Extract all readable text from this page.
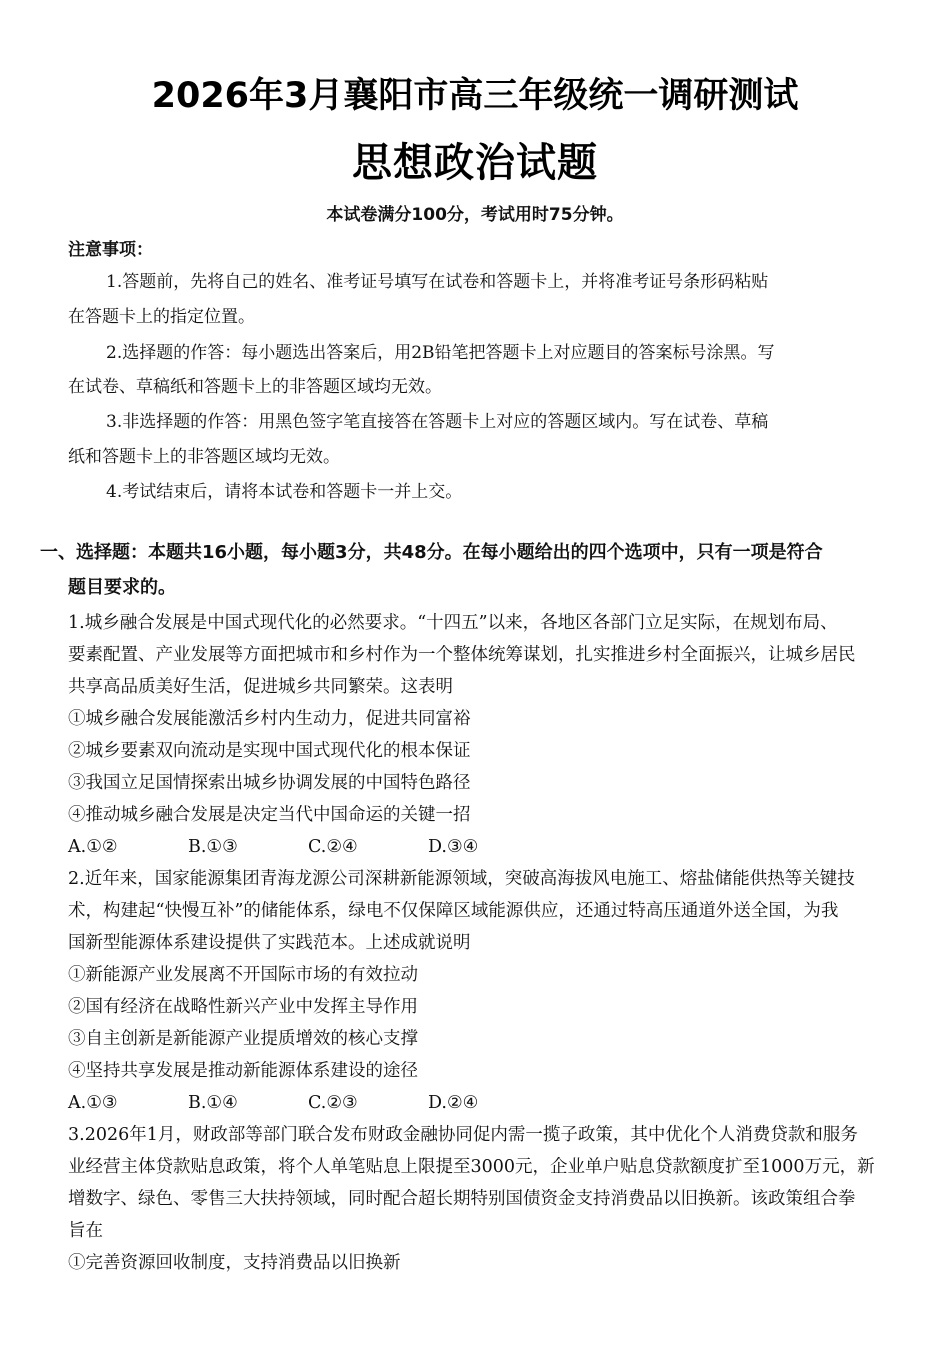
2026年3月襄阳市高三年级统一调研测试
思想政治试题
本试卷满分100分，考试用时75分钟。
注意事项：
1.答题前，先将自己的姓名、准考证号填写在试卷和答题卡上，并将准考证号条形码粘贴
在答题卡上的指定位置。
2.选择题的作答：每小题选出答案后，用2B铅笔把答题卡上对应题目的答案标号涂黑。写
在试卷、草稿纸和答题卡上的非答题区域均无效。
3.非选择题的作答：用黑色签字笔直接答在答题卡上对应的答题区域内。写在试卷、草稿
纸和答题卡上的非答题区域均无效。
4.考试结束后，请将本试卷和答题卡一并上交。
一、选择题：本题共16小题，每小题3分，共48分。在每小题给出的四个选项中，只有一项是符合
题目要求的。
1.城乡融合发展是中国式现代化的必然要求。“十四五”以来，各地区各部门立足实际，在规划布局、
要素配置、产业发展等方面把城市和乡村作为一个整体统筹谋划，扎实推进乡村全面振兴，让城乡居民
共享高品质美好生活，促进城乡共同繁荣。这表明
①城乡融合发展能激活乡村内生动力，促进共同富裕
②城乡要素双向流动是实现中国式现代化的根本保证
③我国立足国情探索出城乡协调发展的中国特色路径
④推动城乡融合发展是决定当代中国命运的关键一招
A.①②	B.①③	C.②④	D.③④
2.近年来，国家能源集团青海龙源公司深耕新能源领域，突破高海拔风电施工、熔盐储能供热等关键技
术，构建起“快慢互补”的储能体系，绿电不仅保障区域能源供应，还通过特高压通道外送全国，为我
国新型能源体系建设提供了实践范本。上述成就说明
①新能源产业发展离不开国际市场的有效拉动
②国有经济在战略性新兴产业中发挥主导作用
③自主创新是新能源产业提质增效的核心支撑
④坚持共享发展是推动新能源体系建设的途径
A.①③	B.①④	C.②③	D.②④
3.2026年1月，财政部等部门联合发布财政金融协同促内需一揽子政策，其中优化个人消费贷款和服务
业经营主体贷款贴息政策，将个人单笔贴息上限提至3000元，企业单户贴息贷款额度扩至1000万元，新
增数字、绿色、零售三大扶持领域，同时配合超长期特别国债资金支持消费品以旧换新。该政策组合拳
旨在
①完善资源回收制度，支持消费品以旧换新
